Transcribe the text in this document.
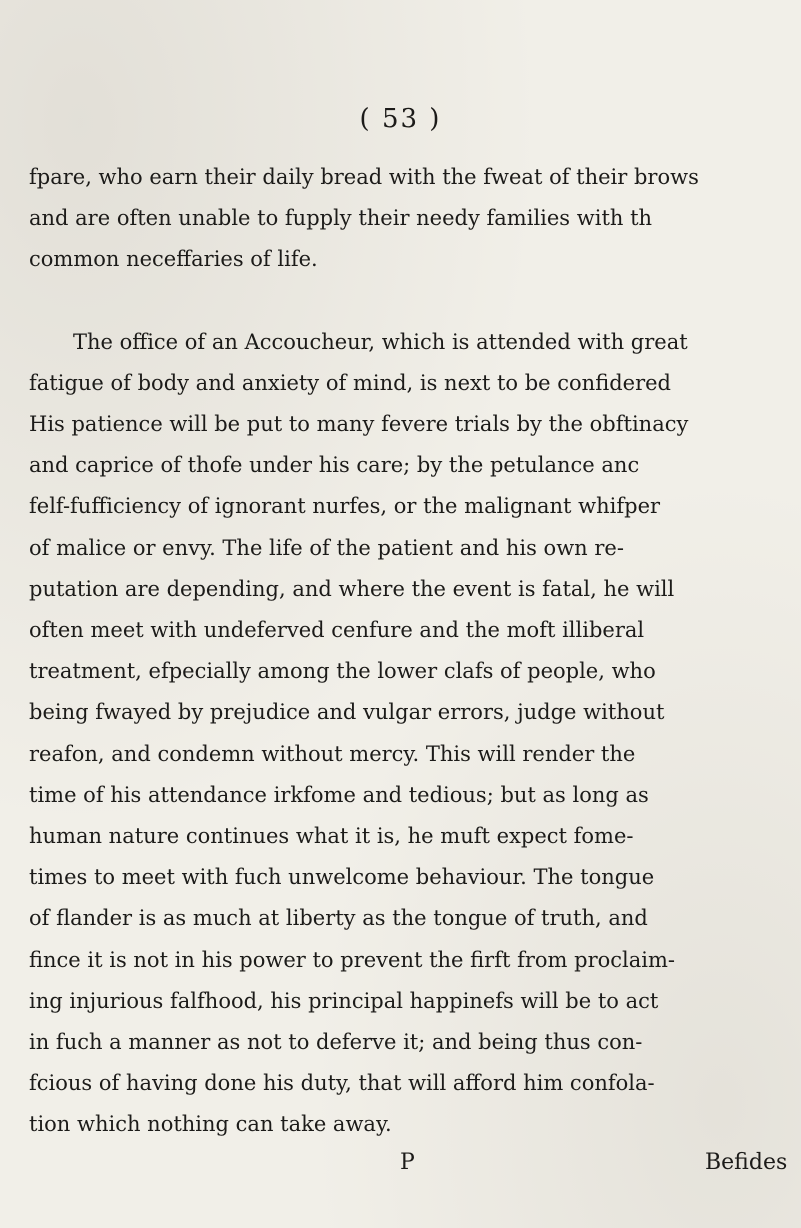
( 53 )
fpare, who earn their daily bread with the fweat of their brows
and are often unable to fupply their needy families with th
common neceffaries of life.
The office of an Accoucheur, which is attended with great
fatigue of body and anxiety of mind, is next to be confidered
His patience will be put to many fevere trials by the obftinacy
and caprice of thofe under his care; by the petulance anc
felf-fufficiency of ignorant nurfes, or the malignant whifper
of malice or envy. The life of the patient and his own re-
putation are depending, and where the event is fatal, he will
often meet with undeferved cenfure and the moft illiberal
treatment, efpecially among the lower clafs of people, who
being fwayed by prejudice and vulgar errors, judge without
reafon, and condemn without mercy. This will render the
time of his attendance irkfome and tedious; but as long as
human nature continues what it is, he muft expect fome-
times to meet with fuch unwelcome behaviour. The tongue
of flander is as much at liberty as the tongue of truth, and
fince it is not in his power to prevent the firft from proclaim-
ing injurious falfhood, his principal happinefs will be to act
in fuch a manner as not to deferve it; and being thus con-
fcious of having done his duty, that will afford him confola-
tion which nothing can take away.
P	Befides
